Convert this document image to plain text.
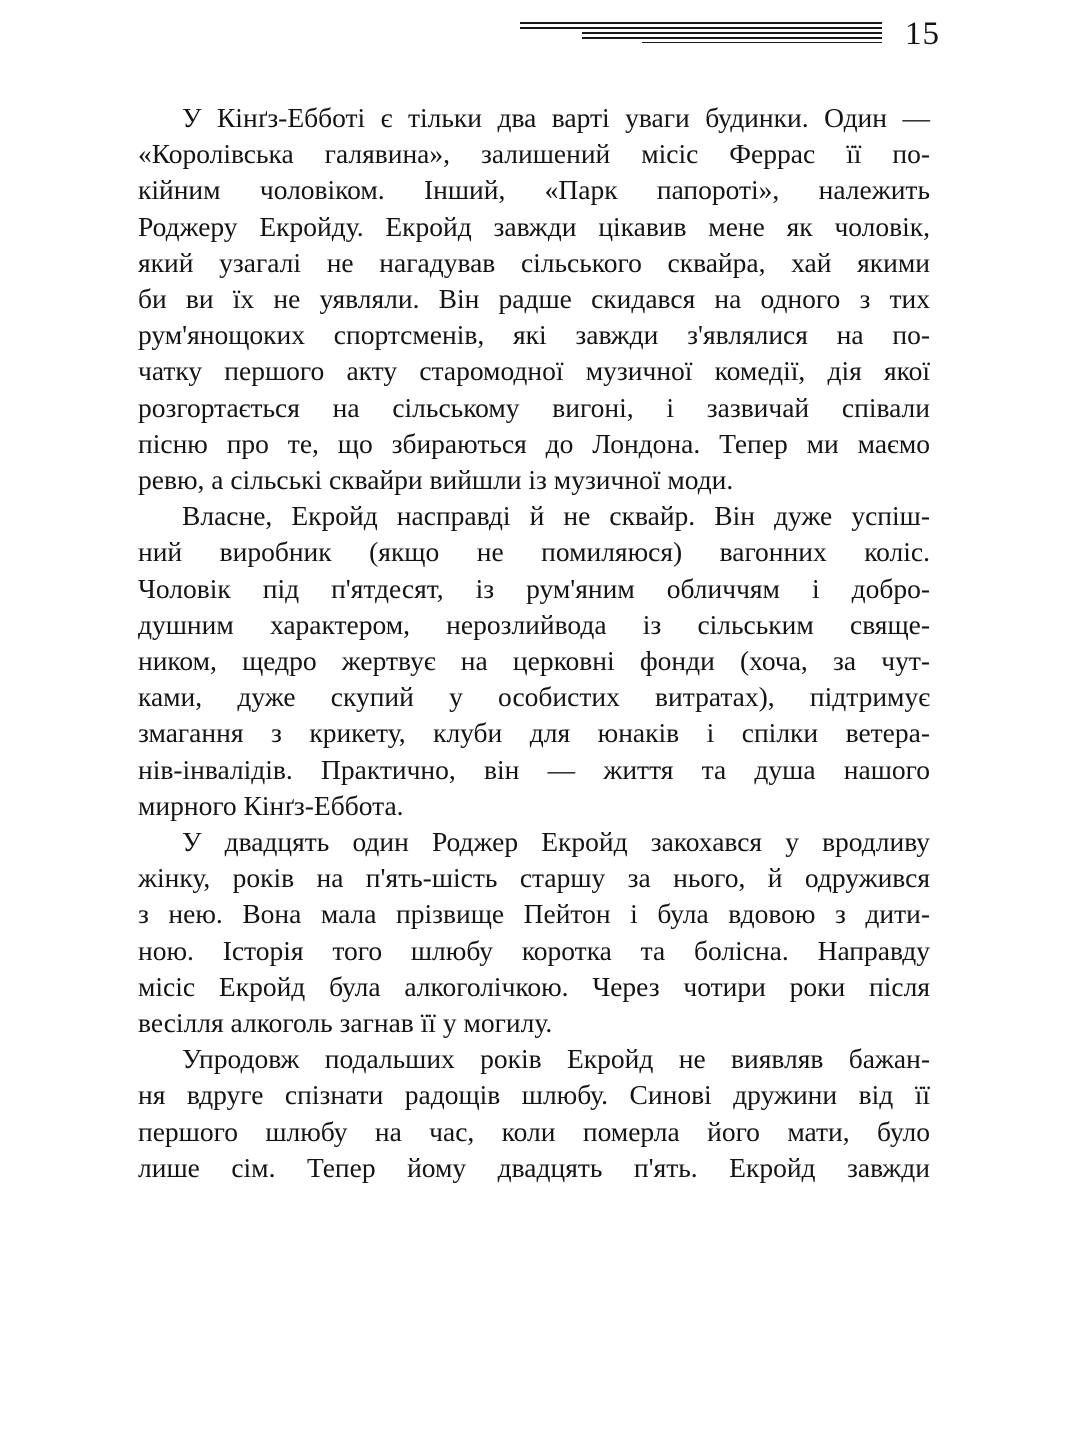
15

У Кінґз-Ебботі є тільки два варті уваги будинки. Один —
«Королівська галявина», залишений місіс Феррас її по-
кійним чоловіком. Інший, «Парк папороті», належить
Роджеру Екройду. Екройд завжди цікавив мене як чоловік,
який узагалі не нагадував сільського сквайра, хай якими
би ви їх не уявляли. Він радше скидався на одного з тих
рум'янощоких спортсменів, які завжди з'являлися на по-
чатку першого акту старомодної музичної комедії, дія якої
розгортається на сільському вигоні, і зазвичай співали
пісню про те, що збираються до Лондона. Тепер ми маємо
ревю, а сільські сквайри вийшли із музичної моди.

Власне, Екройд насправді й не сквайр. Він дуже успіш-
ний виробник (якщо не помиляюся) вагонних коліс.
Чоловік під п'ятдесят, із рум'яним обличчям і добро-
душним характером, нерозлийвода із сільським свяще-
ником, щедро жертвує на церковні фонди (хоча, за чут-
ками, дуже скупий у особистих витратах), підтримує
змагання з крикету, клуби для юнаків і спілки ветера-
нів-інвалідів. Практично, він — життя та душа нашого
мирного Кінґз-Еббота.

У двадцять один Роджер Екройд закохався у вродливу
жінку, років на п'ять-шість старшу за нього, й одружився
з нею. Вона мала прізвище Пейтон і була вдовою з дити-
ною. Історія того шлюбу коротка та болісна. Направду
місіс Екройд була алкоголічкою. Через чотири роки після
весілля алкоголь загнав її у могилу.

Упродовж подальших років Екройд не виявляв бажан-
ня вдруге спізнати радощів шлюбу. Синові дружини від її
першого шлюбу на час, коли померла його мати, було
лише сім. Тепер йому двадцять п'ять. Екройд завжди
